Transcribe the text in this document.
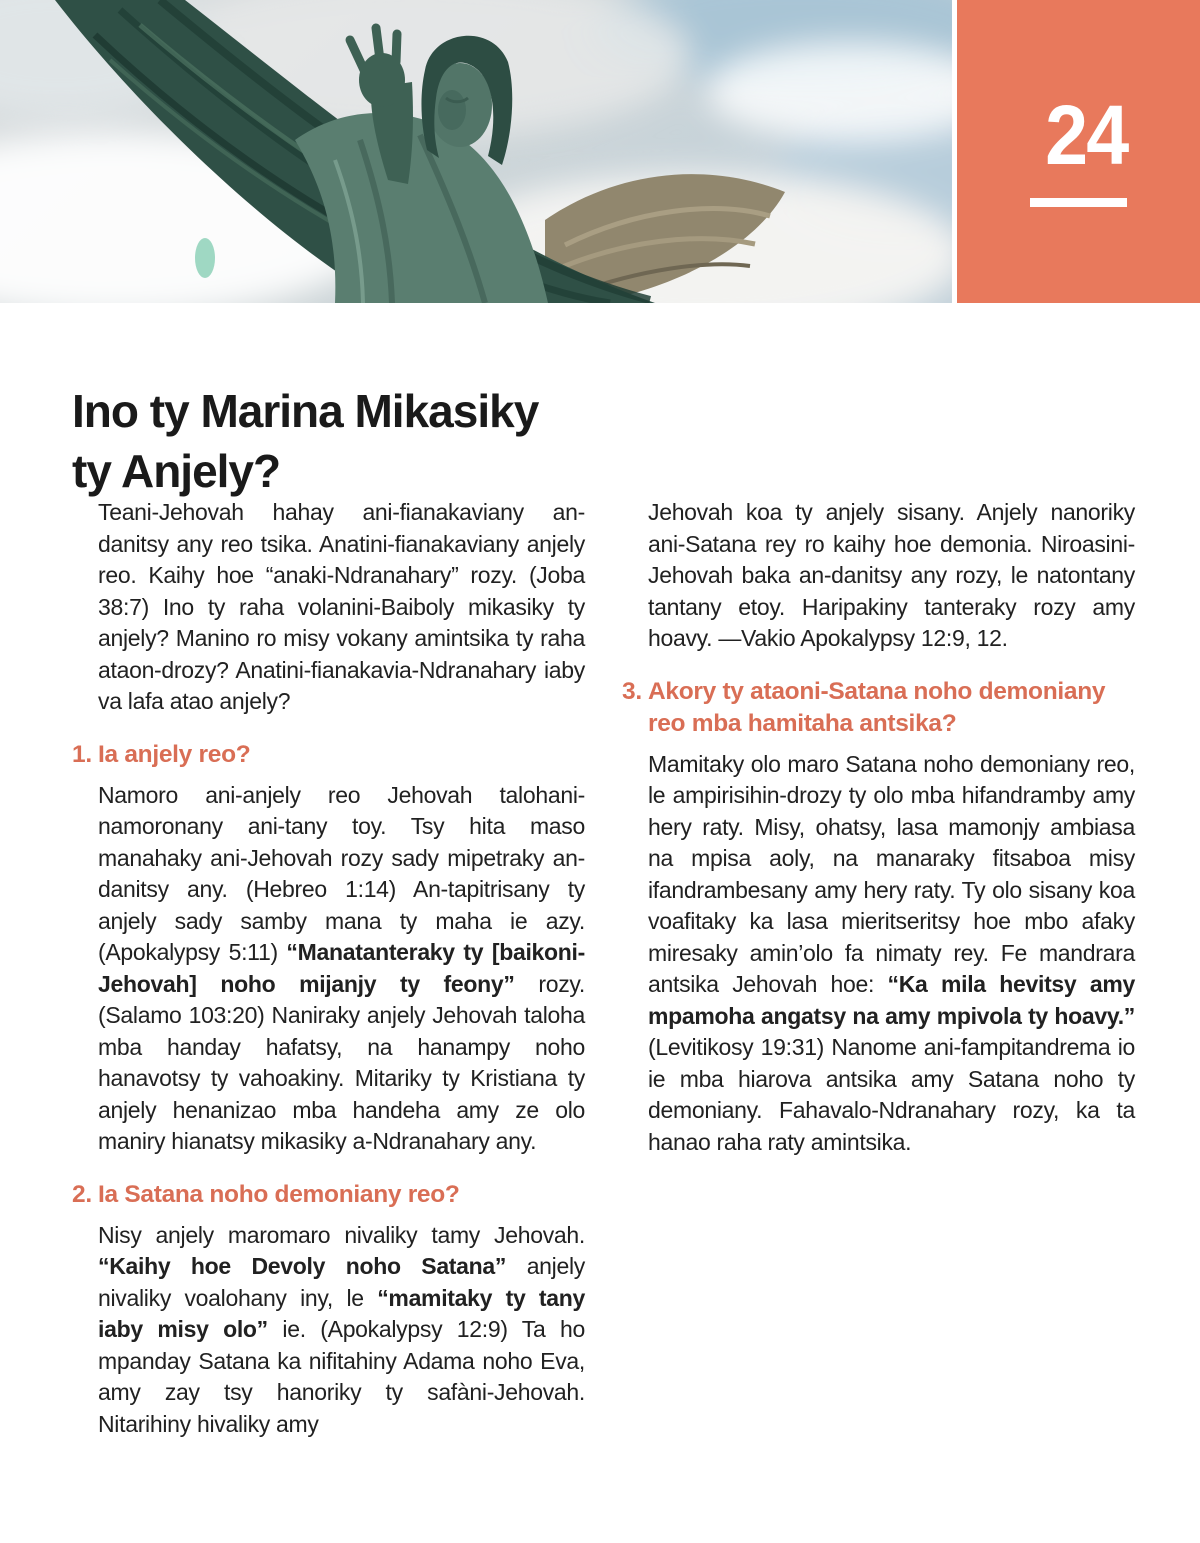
24
Ino ty Marina Mikasiky
ty Anjely?

Teani-Jehovah hahay ani-fianakaviany an-danitsy any reo tsika. Anatini-fianakaviany anjely reo. Kaihy hoe “anaki-Ndranahary” rozy. (Joba 38:7) Ino ty raha volanini-Baiboly mikasiky ty anjely? Manino ro misy vokany amintsika ty raha ataon-drozy? Anatini-fianakavia-Ndranahary iaby va lafa atao anjely?

1. Ia anjely reo?

Namoro ani-anjely reo Jehovah talohani-namoronany ani-tany toy. Tsy hita maso manahaky ani-Jehovah rozy sady mipetraky an-danitsy any. (Hebreo 1:14) An-tapitrisany ty anjely sady samby mana ty maha ie azy. (Apokalypsy 5:11) “Manatanteraky ty [baikoni-Jehovah] noho mijanjy ty feony” rozy. (Salamo 103:20) Naniraky anjely Jehovah taloha mba handay hafatsy, na hanampy noho hanavotsy ty vahoakiny. Mitariky ty Kristiana ty anjely henanizao mba handeha amy ze olo maniry hianatsy mikasiky a-Ndranahary any.

2. Ia Satana noho demoniany reo?

Nisy anjely maromaro nivaliky tamy Jehovah. “Kaihy hoe Devoly noho Satana” anjely nivaliky voalohany iny, le “mamitaky ty tany iaby misy olo” ie. (Apokalypsy 12:9) Ta ho mpanday Satana ka nifitahiny Adama noho Eva, amy zay tsy hanoriky ty safàni-Jehovah. Nitarihiny hivaliky amy

Jehovah koa ty anjely sisany. Anjely nanoriky ani-Satana rey ro kaihy hoe demonia. Niroasini-Jehovah baka an-danitsy any rozy, le natontany tantany etoy. Haripakiny tanteraky rozy amy hoavy. —Vakio Apokalypsy 12:9, 12.

3. Akory ty ataoni-Satana noho demoniany reo mba hamitaha antsika?

Mamitaky olo maro Satana noho demoniany reo, le ampirisihin-drozy ty olo mba hifandramby amy hery raty. Misy, ohatsy, lasa mamonjy ambiasa na mpisa aoly, na manaraky fitsaboa misy ifandrambesany amy hery raty. Ty olo sisany koa voafitaky ka lasa mieritseritsy hoe mbo afaky miresaky amin’olo fa nimaty rey. Fe mandrara antsika Jehovah hoe: “Ka mila hevitsy amy mpamoha angatsy na amy mpivola ty hoavy.” (Levitikosy 19:31) Nanome ani-fampitandrema io ie mba hiarova antsika amy Satana noho ty demoniany. Fahavalo-Ndranahary rozy, ka ta hanao raha raty amintsika.
